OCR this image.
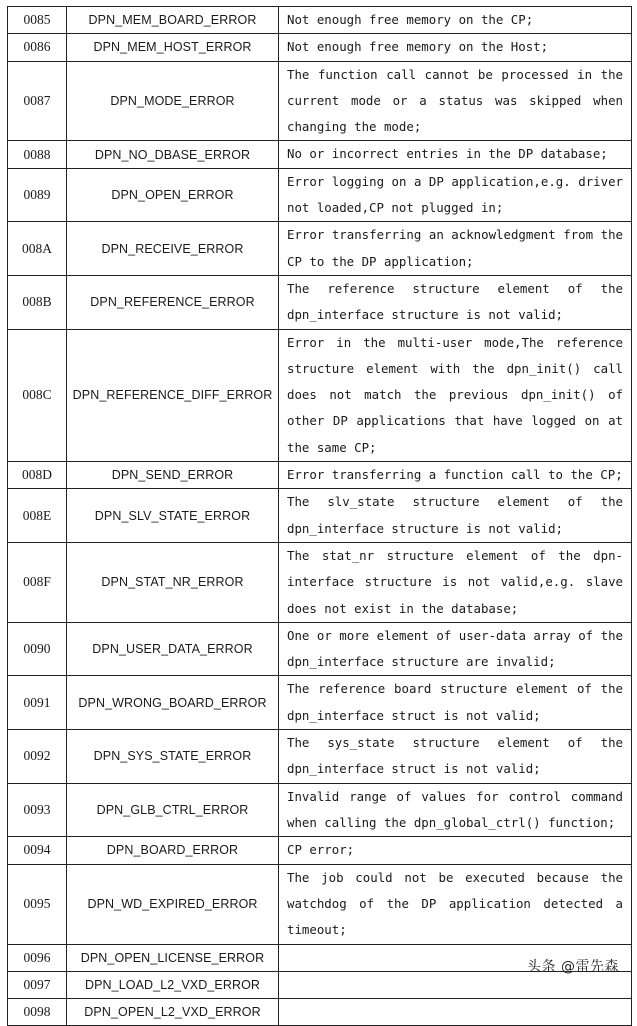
0085	DPN_MEM_BOARD_ERROR	Not enough free memory on the CP;
0086	DPN_MEM_HOST_ERROR	Not enough free memory on the Host;
0087	DPN_MODE_ERROR	The function call cannot be processed in the current mode or a status was skipped when changing the mode;
0088	DPN_NO_DBASE_ERROR	No or incorrect entries in the DP database;
0089	DPN_OPEN_ERROR	Error logging on a DP application,e.g. driver not loaded,CP not plugged in;
008A	DPN_RECEIVE_ERROR	Error transferring an acknowledgment from the CP to the DP application;
008B	DPN_REFERENCE_ERROR	The reference structure element of the dpn_interface structure is not valid;
008C	DPN_REFERENCE_DIFF_ERROR	Error in the multi-user mode,The reference structure element with the dpn_init() call does not match the previous dpn_init() of other DP applications that have logged on at the same CP;
008D	DPN_SEND_ERROR	Error transferring a function call to the CP;
008E	DPN_SLV_STATE_ERROR	The slv_state structure element of the dpn_interface structure is not valid;
008F	DPN_STAT_NR_ERROR	The stat_nr structure element of the dpn-interface structure is not valid,e.g. slave does not exist in the database;
0090	DPN_USER_DATA_ERROR	One or more element of user-data array of the dpn_interface structure are invalid;
0091	DPN_WRONG_BOARD_ERROR	The reference board structure element of the dpn_interface struct is not valid;
0092	DPN_SYS_STATE_ERROR	The sys_state structure element of the dpn_interface struct is not valid;
0093	DPN_GLB_CTRL_ERROR	Invalid range of values for control command when calling the dpn_global_ctrl() function;
0094	DPN_BOARD_ERROR	CP error;
0095	DPN_WD_EXPIRED_ERROR	The job could not be executed because the watchdog of the DP application detected a timeout;
0096	DPN_OPEN_LICENSE_ERROR	
0097	DPN_LOAD_L2_VXD_ERROR	
0098	DPN_OPEN_L2_VXD_ERROR	
头条 @雷先森
